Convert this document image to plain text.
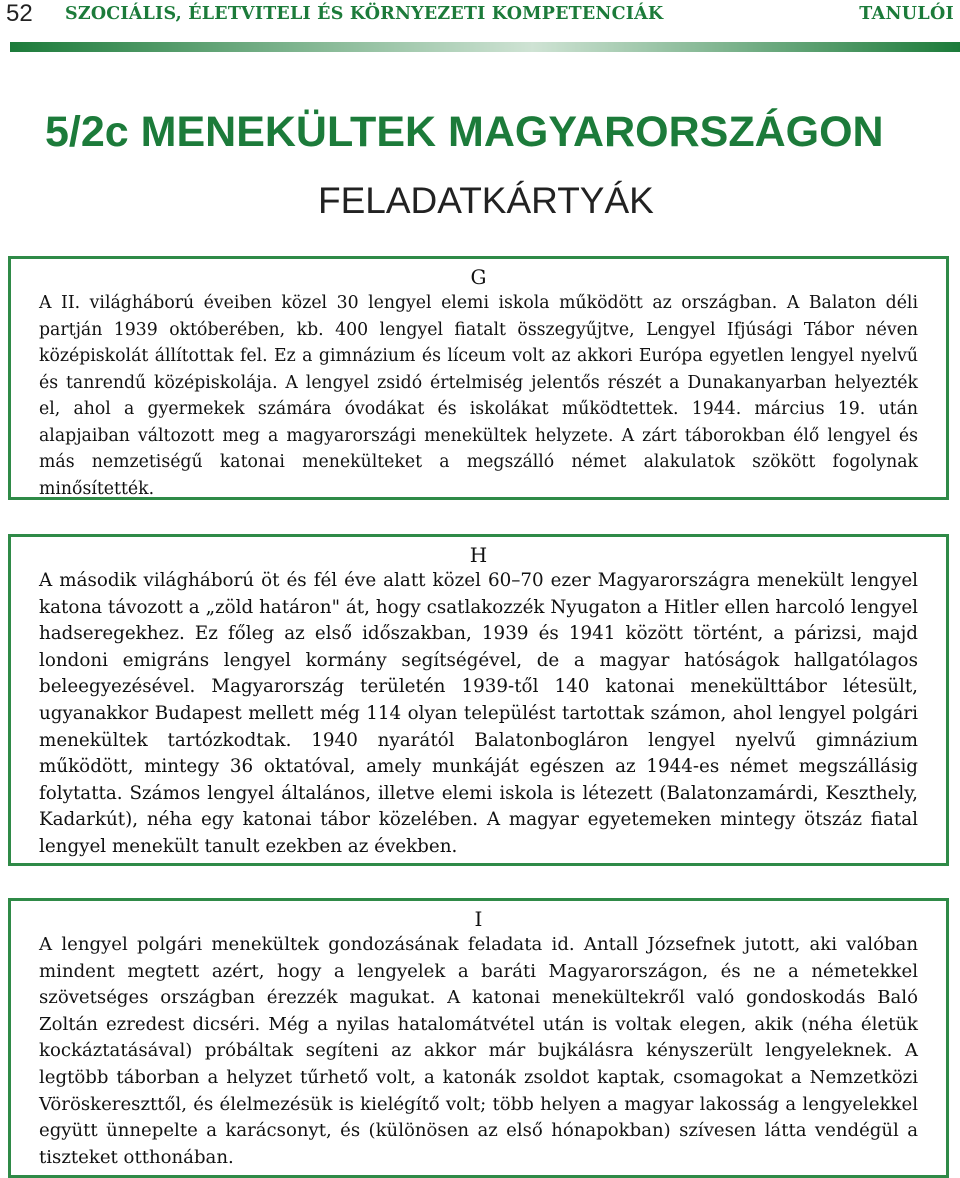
52 SZOCIÁLIS, ÉLETVITELI ÉS KÖRNYEZETI KOMPETENCIÁK	TANULÓI
5/2c MENEKÜLTEK MAGYARORSZÁGON
FELADATKÁRTYÁK
G
A II. világháború éveiben közel 30 lengyel elemi iskola működött az országban. A Balaton déli partján 1939 októberében, kb. 400 lengyel fiatalt összegyűjtve, Lengyel Ifjúsági Tábor néven középiskolát állítottak fel. Ez a gimnázium és líceum volt az akkori Európa egyetlen lengyel nyelvű és tanrendű középiskolája. A lengyel zsidó értelmiség jelentős részét a Dunakanyarban helyezték el, ahol a gyermekek számára óvodákat és iskolákat működtettek. 1944. március 19. után alapjaiban változott meg a magyarországi menekültek helyzete. A zárt táborokban élő lengyel és más nemzetiségű katonai menekülteket a megszálló német alakulatok szökött fogolynak minősítették.
H
A második világháború öt és fél éve alatt közel 60–70 ezer Magyarországra menekült lengyel katona távozott a „zöld határon" át, hogy csatlakozzék Nyugaton a Hitler ellen harcoló lengyel hadseregekhez. Ez főleg az első időszakban, 1939 és 1941 között történt, a párizsi, majd londoni emigráns lengyel kormány segítségével, de a magyar hatóságok hallgatólagos beleegyezésével. Magyarország területén 1939-től 140 katonai menekülttábor létesült, ugyanakkor Budapest mellett még 114 olyan települést tartottak számon, ahol lengyel polgári menekültek tartózkodtak. 1940 nyarától Balatonbogláron lengyel nyelvű gimnázium működött, mintegy 36 oktatóval, amely munkáját egészen az 1944-es német megszállásig folytatta. Számos lengyel általános, illetve elemi iskola is létezett (Balatonzamárdi, Keszthely, Kadarkút), néha egy katonai tábor közelében. A magyar egyetemeken mintegy ötszáz fiatal lengyel menekült tanult ezekben az években.
I
A lengyel polgári menekültek gondozásának feladata id. Antall Józsefnek jutott, aki valóban mindent megtett azért, hogy a lengyelek a baráti Magyarországon, és ne a németekkel szövetséges országban érezzék magukat. A katonai menekültekről való gondoskodás Baló Zoltán ezredest dicséri. Még a nyilas hatalomátvétel után is voltak elegen, akik (néha életük kockáztatásával) próbáltak segíteni az akkor már bujkálásra kényszerült lengyeleknek. A legtöbb táborban a helyzet tűrhető volt, a katonák zsoldot kaptak, csomagokat a Nemzetközi Vöröskereszttől, és élelmezésük is kielégítő volt; több helyen a magyar lakosság a lengyelekkel együtt ünnepelte a karácsonyt, és (különösen az első hónapokban) szívesen látta vendégül a tiszteket otthonában.
